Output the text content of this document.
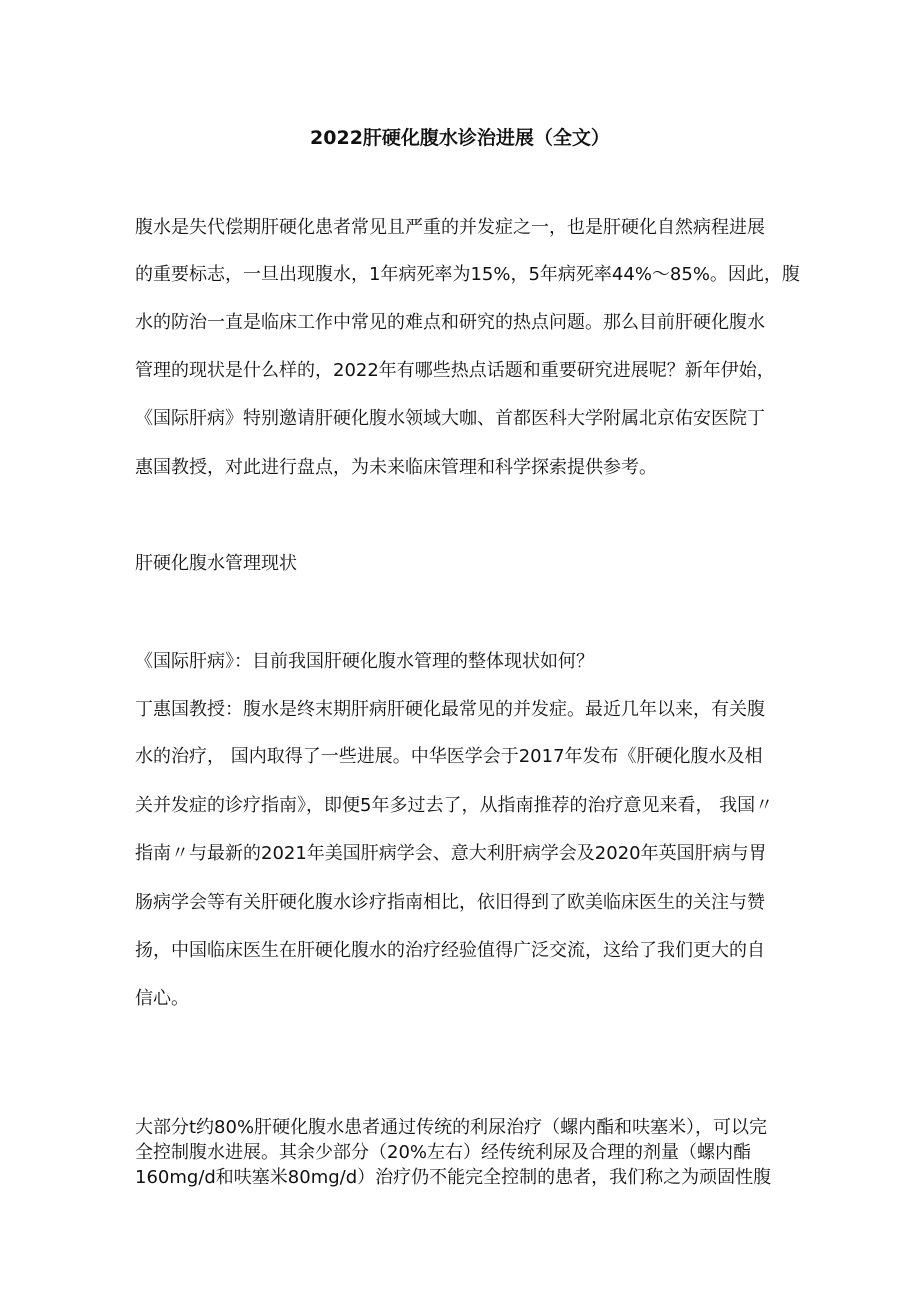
2022肝硬化腹水诊治进展（全文）
腹水是失代偿期肝硬化患者常见且严重的并发症之一，也是肝硬化自然病程进展
的重要标志，一旦出现腹水，1年病死率为15%，5年病死率44%～85%。因此，腹
水的防治一直是临床工作中常见的难点和研究的热点问题。那么目前肝硬化腹水
管理的现状是什么样的，2022年有哪些热点话题和重要研究进展呢？新年伊始，
《国际肝病》特别邀请肝硬化腹水领域大咖、首都医科大学附属北京佑安医院丁
惠国教授，对此进行盘点，为未来临床管理和科学探索提供参考。
肝硬化腹水管理现状
《国际肝病》：目前我国肝硬化腹水管理的整体现状如何？
丁惠国教授：腹水是终末期肝病肝硬化最常见的并发症。最近几年以来，有关腹
水的治疗， 国内取得了一些进展。中华医学会于2017年发布《肝硬化腹水及相
关并发症的诊疗指南》，即便5年多过去了，从指南推荐的治疗意见来看， 我国〃
指南〃与最新的2021年美国肝病学会、意大利肝病学会及2020年英国肝病与胃
肠病学会等有关肝硬化腹水诊疗指南相比，依旧得到了欧美临床医生的关注与赞
扬，中国临床医生在肝硬化腹水的治疗经验值得广泛交流，这给了我们更大的自
信心。
大部分t约80%肝硬化腹水患者通过传统的利尿治疗（螺内酯和呋塞米），可以完
全控制腹水进展。其余少部分（20%左右）经传统利尿及合理的剂量（螺内酯
160mg/d和呋塞米80mg/d）治疗仍不能完全控制的患者，我们称之为顽固性腹
